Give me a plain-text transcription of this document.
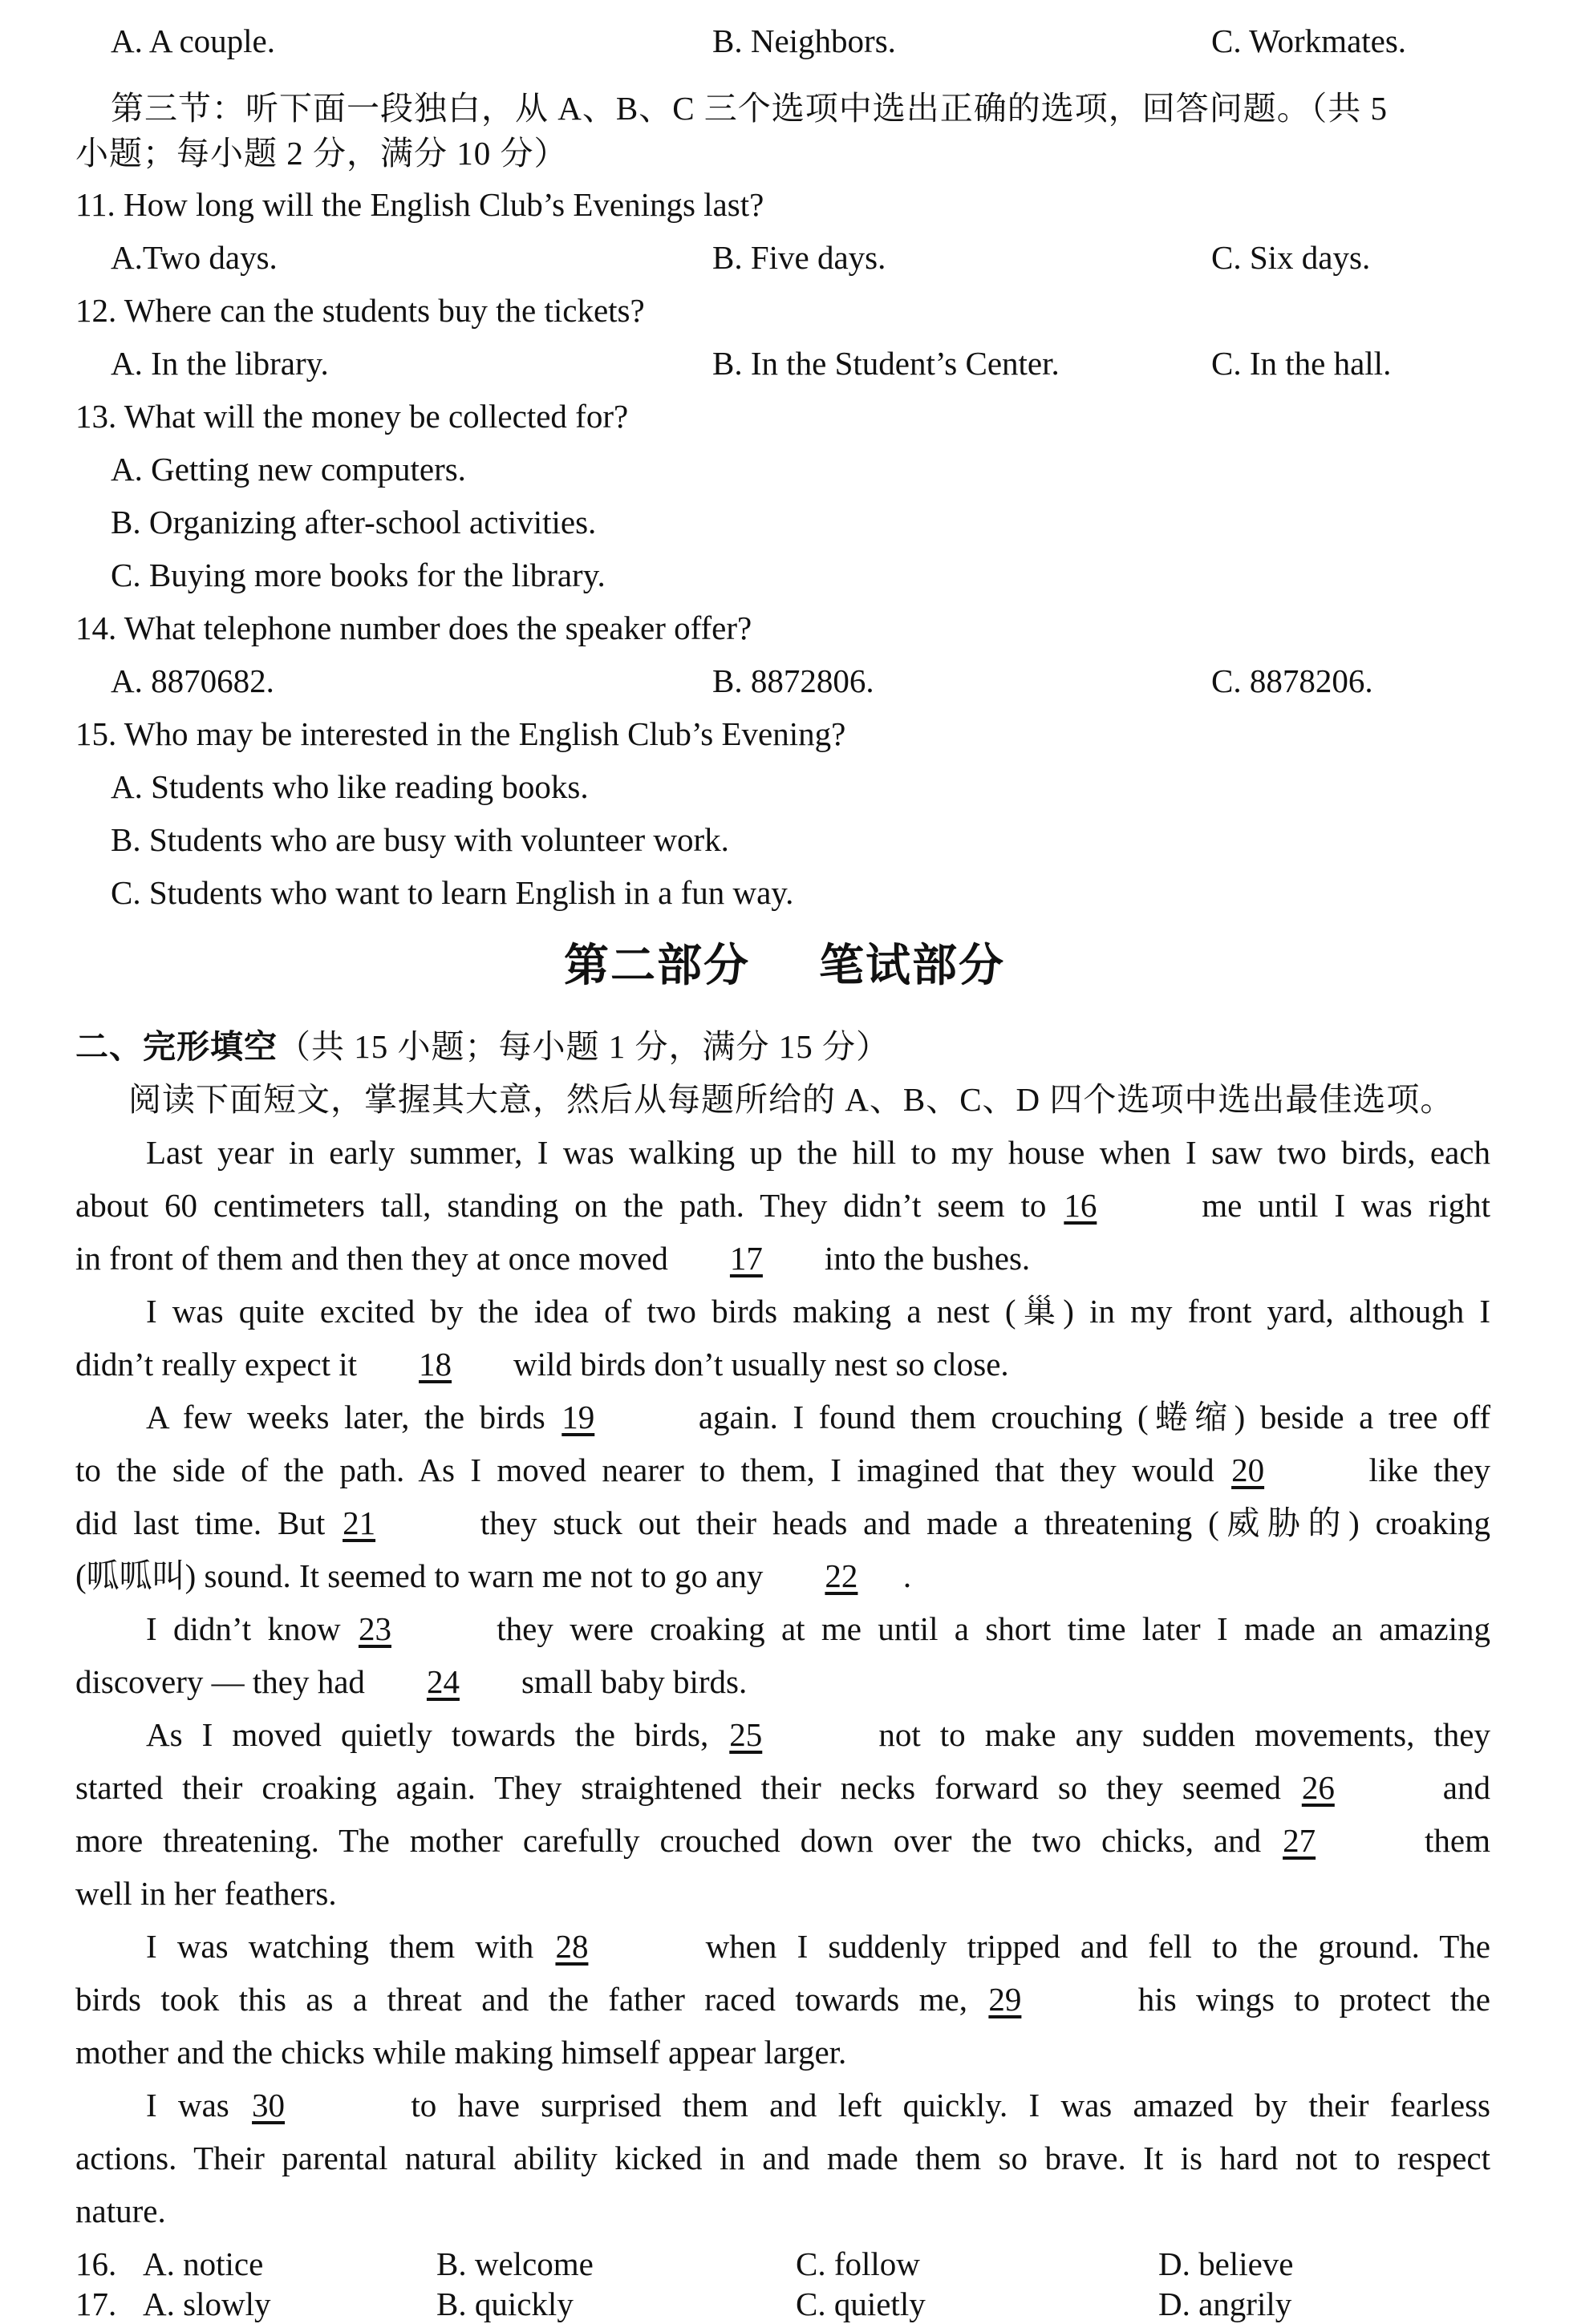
A. A couple.	B. Neighbors.	C. Workmates.
第三节：听下面一段独白，从 A、B、C 三个选项中选出正确的选项，回答问题。（共 5
小题；每小题 2 分，满分 10 分）
11. How long will the English Club’s Evenings last?
A.Two days.	B. Five days.	C. Six days.
12. Where can the students buy the tickets?
A. In the library.	B. In the Student’s Center.	C. In the hall.
13. What will the money be collected for?
A. Getting new computers.
B. Organizing after-school activities.
C. Buying more books for the library.
14. What telephone number does the speaker offer?
A. 8870682.	B. 8872806.	C. 8878206.
15. Who may be interested in the English Club’s Evening?
A. Students who like reading books.
B. Students who are busy with volunteer work.
C. Students who want to learn English in a fun way.
第二部分    笔试部分
二、完形填空（共 15 小题；每小题 1 分，满分 15 分）
阅读下面短文，掌握其大意，然后从每题所给的 A、B、C、D 四个选项中选出最佳选项。
Last year in early summer, I was walking up the hill to my house when I saw two birds, each
about 60 centimeters tall, standing on the path. They didn’t seem to 16	me until I was right
in front of them and then they at once moved 17 into the bushes.
I was quite excited by the idea of two birds making a nest (巢) in my front yard, although I
didn’t really expect it 18 wild birds don’t usually nest so close.
A few weeks later, the birds 19	again. I found them crouching (蜷缩) beside a tree off
to the side of the path. As I moved nearer to them, I imagined that they would 20	like they
did last time. But 21	they stuck out their heads and made a threatening (威胁的) croaking
(呱呱叫) sound. It seemed to warn me not to go any 22 .
I didn’t know 23	they were croaking at me until a short time later I made an amazing
discovery — they had 24 small baby birds.
As I moved quietly towards the birds, 25	not to make any sudden movements, they
started their croaking again. They straightened their necks forward so they seemed 26	and
more threatening. The mother carefully crouched down over the two chicks, and 27	them
well in her feathers.
I was watching them with 28	when I suddenly tripped and fell to the ground. The
birds took this as a threat and the father raced towards me, 29	his wings to protect the
mother and the chicks while making himself appear larger.
I was 30	to have surprised them and left quickly. I was amazed by their fearless
actions. Their parental natural ability kicked in and made them so brave. It is hard not to respect
nature.
16. A. notice	B. welcome	C. follow	D. believe
17. A. slowly	B. quickly	C. quietly	D. angrily
